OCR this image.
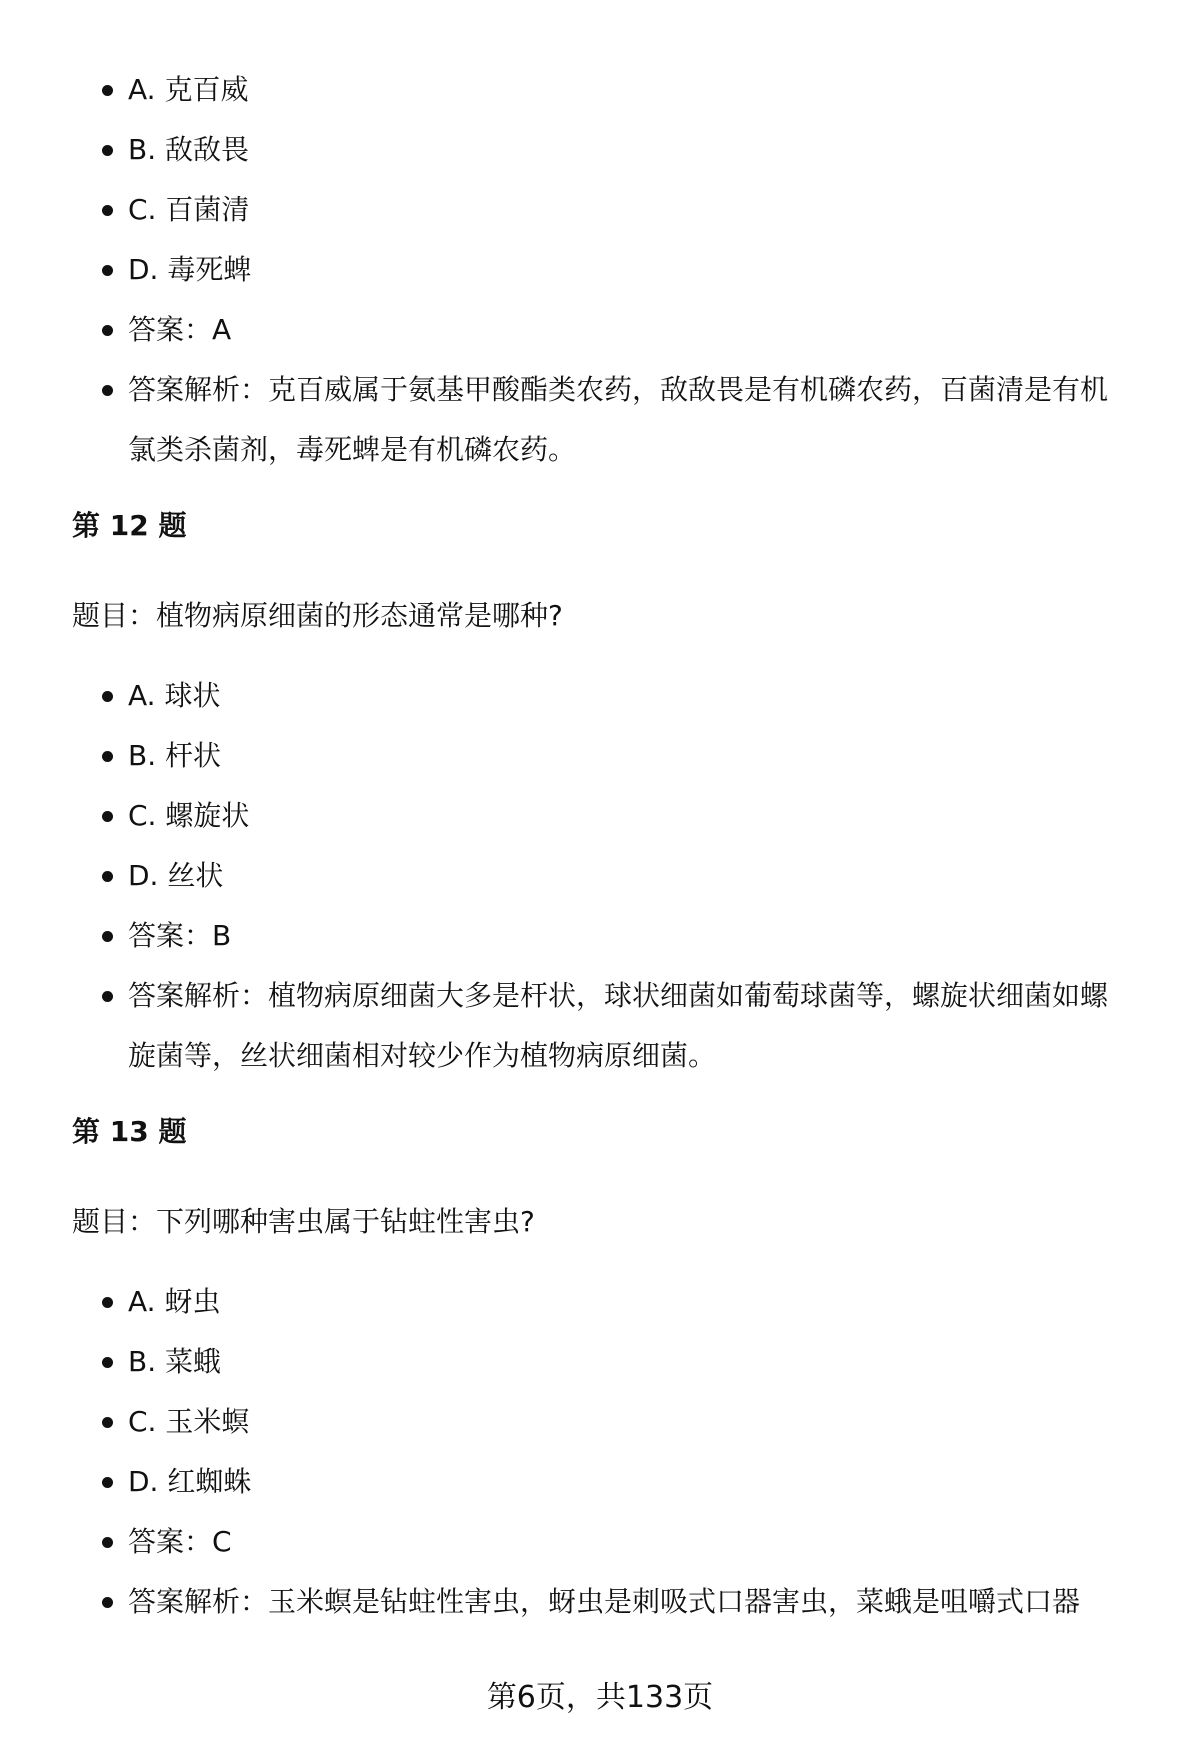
A. 克百威
B. 敌敌畏
C. 百菌清
D. 毒死蜱
答案：A
答案解析：克百威属于氨基甲酸酯类农药，敌敌畏是有机磷农药，百菌清是有机氯类杀菌剂，毒死蜱是有机磷农药。
第 12 题
题目：植物病原细菌的形态通常是哪种?
A. 球状
B. 杆状
C. 螺旋状
D. 丝状
答案：B
答案解析：植物病原细菌大多是杆状，球状细菌如葡萄球菌等，螺旋状细菌如螺旋菌等，丝状细菌相对较少作为植物病原细菌。
第 13 题
题目：下列哪种害虫属于钻蛀性害虫?
A. 蚜虫
B. 菜蛾
C. 玉米螟
D. 红蜘蛛
答案：C
答案解析：玉米螟是钻蛀性害虫，蚜虫是刺吸式口器害虫，菜蛾是咀嚼式口器
第6页，共133页
